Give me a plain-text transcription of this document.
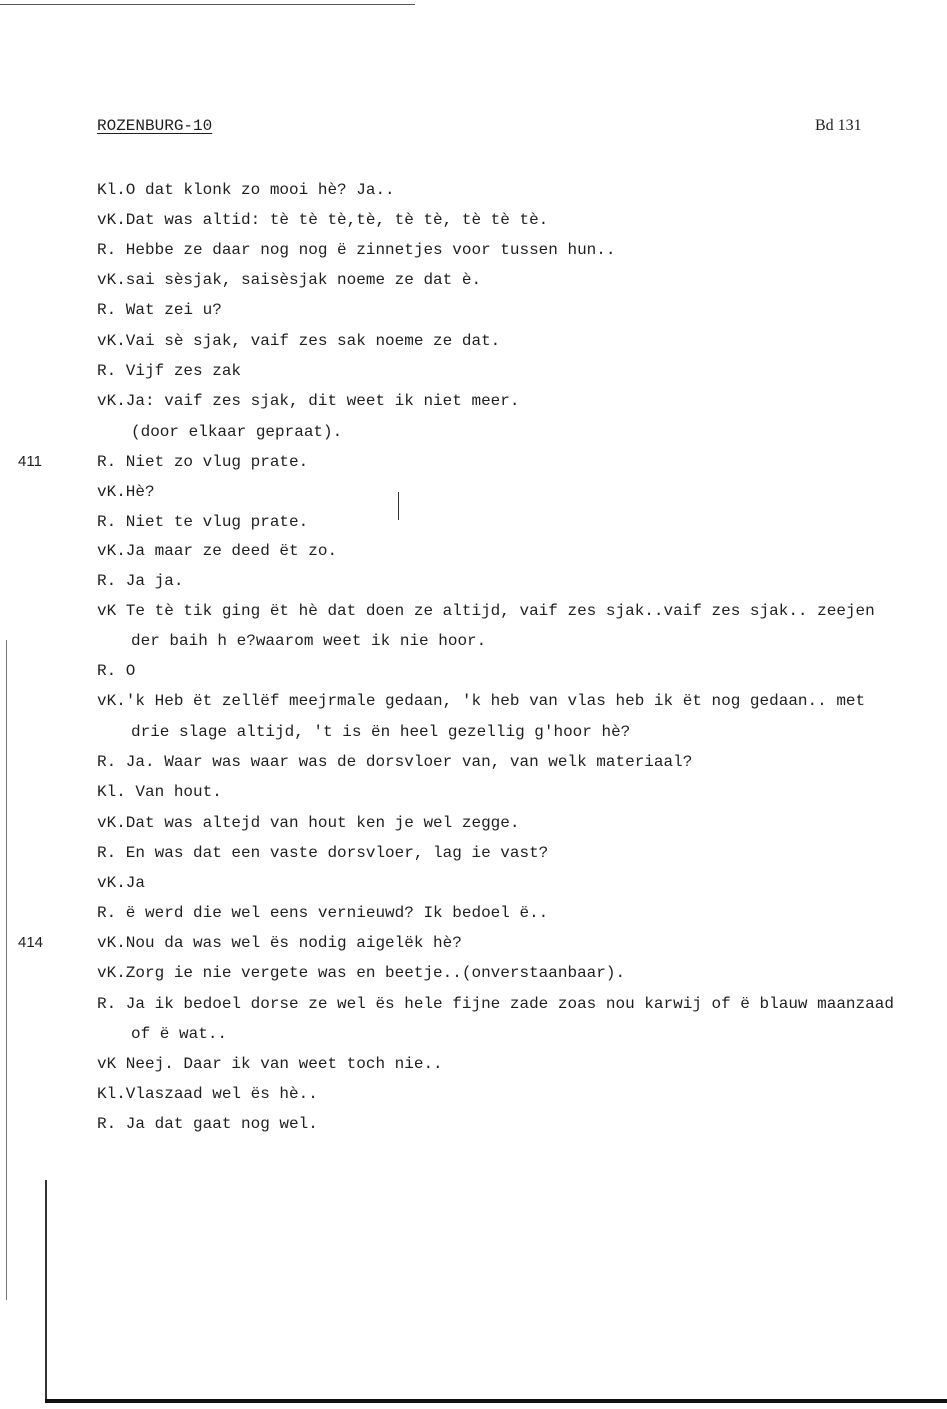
ROZENBURG-10	Bd 131
411
414
Kl.O dat klonk zo mooi hè? Ja..
vK.Dat was altid: tè tè tè,tè, tè tè, tè tè tè.
R. Hebbe ze daar nog nog ë zinnetjes voor tussen hun..
vK.sai sèsjak, saisèsjak noeme ze dat è.
R. Wat zei u?
vK.Vai sè sjak, vaif zes sak noeme ze dat.
R. Vijf zes zak
vK.Ja: vaif zes sjak, dit weet ik niet meer.
(door elkaar gepraat).
R. Niet zo vlug prate.
vK.Hè?
R. Niet te vlug prate.
vK.Ja maar ze deed ët zo.
R. Ja ja.
vK Te tè tik ging ët hè dat doen ze altijd, vaif zes sjak..vaif zes sjak.. zeejen
der baih h e?waarom weet ik nie hoor.
R. O
vK.'k Heb ët zellëf meejrmale gedaan, 'k heb van vlas heb ik ët nog gedaan.. met
drie slage altijd, 't is ën heel gezellig g'hoor hè?
R. Ja. Waar was waar was de dorsvloer van, van welk materiaal?
Kl. Van hout.
vK.Dat was altejd van hout ken je wel zegge.
R. En was dat een vaste dorsvloer, lag ie vast?
vK.Ja
R. ë werd die wel eens vernieuwd? Ik bedoel ë..
vK.Nou da was wel ës nodig aigelëk hè?
vK.Zorg ie nie vergete was en beetje..(onverstaanbaar).
R. Ja ik bedoel dorse ze wel ës hele fijne zade zoas nou karwij of ë blauw maanzaad
of ë wat..
vK Neej. Daar ik van weet toch nie..
Kl.Vlaszaad wel ës hè..
R. Ja dat gaat nog wel.
